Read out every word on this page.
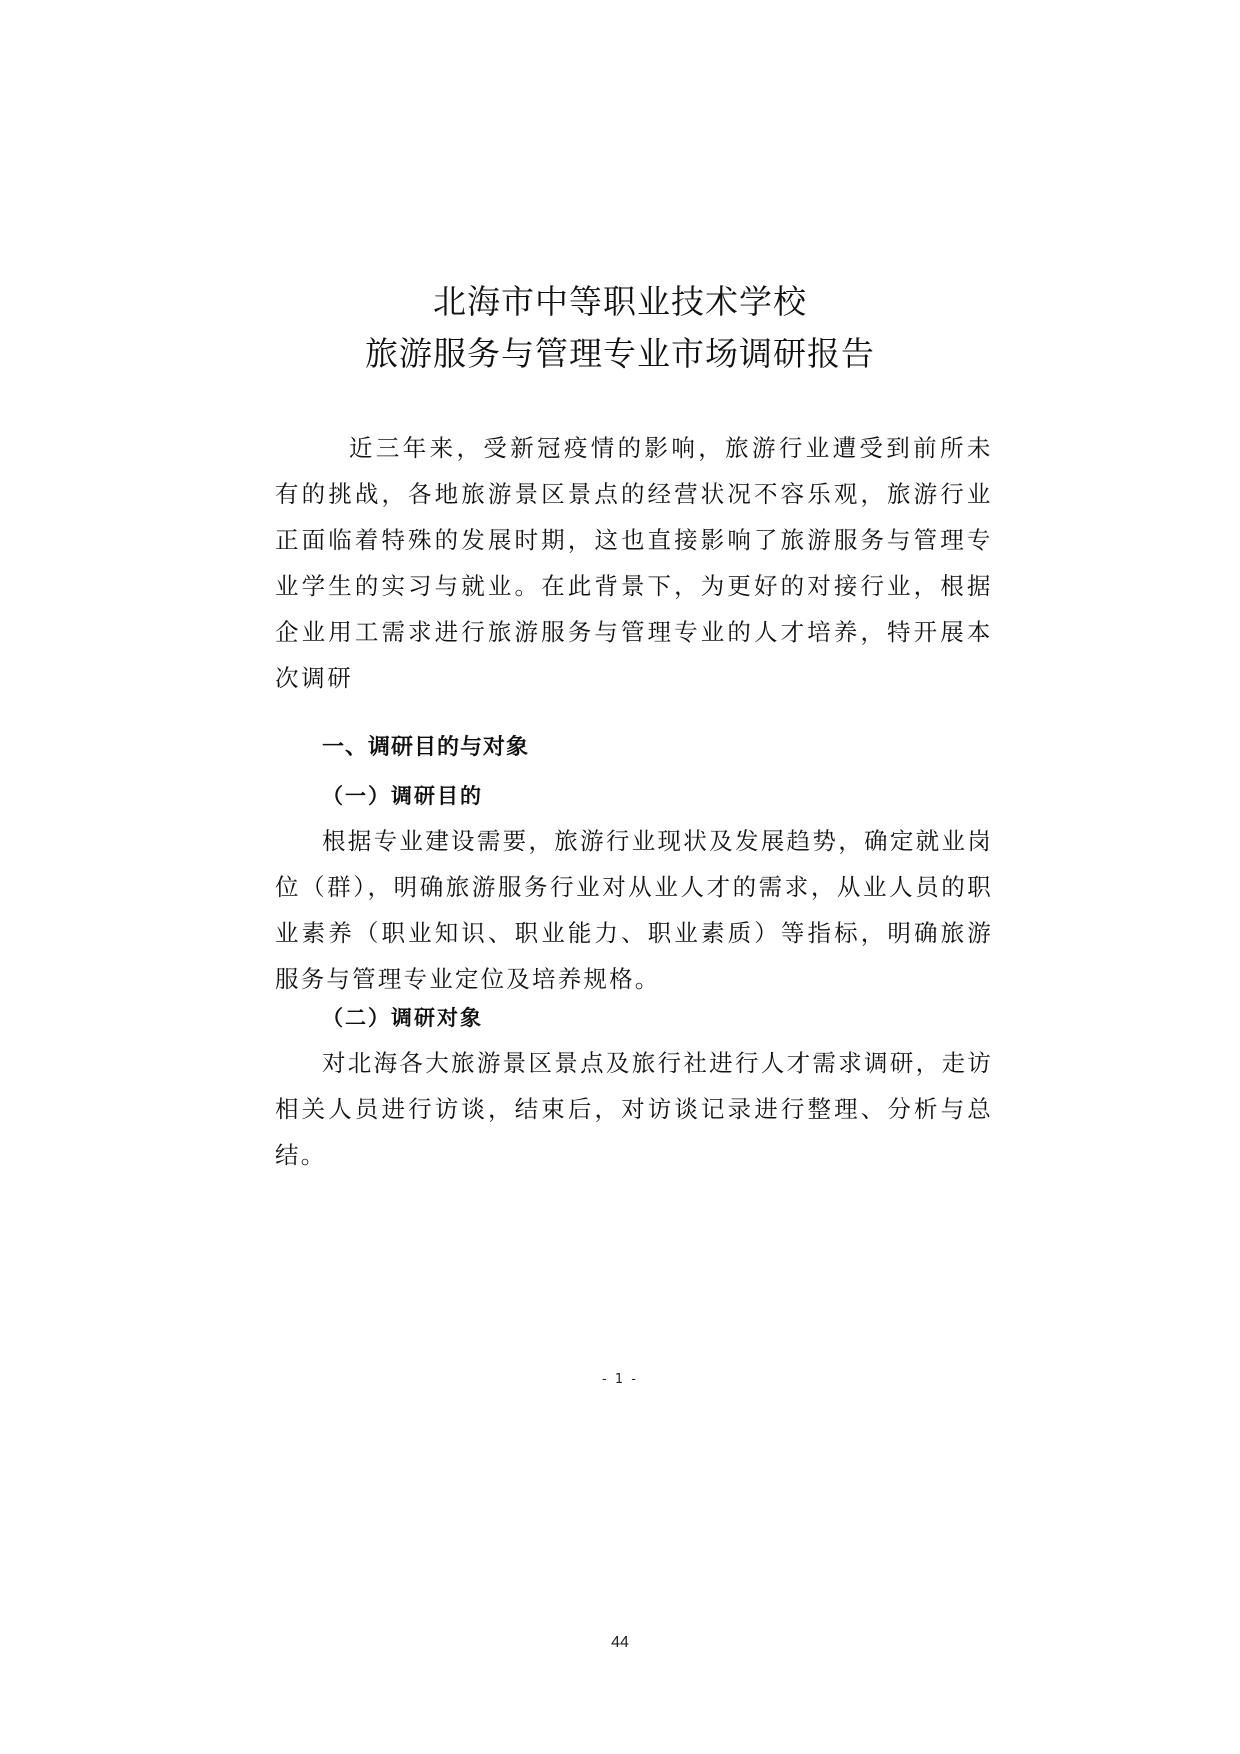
北海市中等职业技术学校
旅游服务与管理专业市场调研报告

近三年来，受新冠疫情的影响，旅游行业遭受到前所未有的挑战，各地旅游景区景点的经营状况不容乐观，旅游行业正面临着特殊的发展时期，这也直接影响了旅游服务与管理专业学生的实习与就业。在此背景下，为更好的对接行业，根据企业用工需求进行旅游服务与管理专业的人才培养，特开展本次调研

一、调研目的与对象
（一）调研目的

根据专业建设需要，旅游行业现状及发展趋势，确定就业岗位（群），明确旅游服务行业对从业人才的需求，从业人员的职业素养（职业知识、职业能力、职业素质）等指标，明确旅游服务与管理专业定位及培养规格。

（二）调研对象

对北海各大旅游景区景点及旅行社进行人才需求调研，走访相关人员进行访谈，结束后，对访谈记录进行整理、分析与总结。

- 1 -
44
